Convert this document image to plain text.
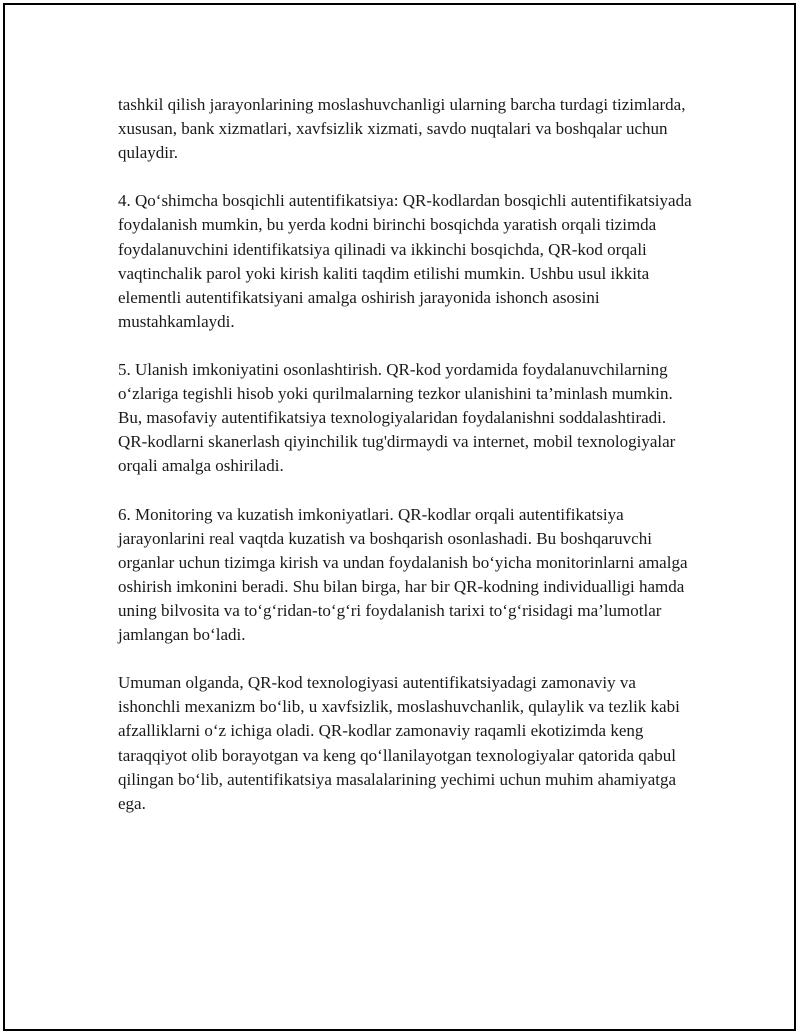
tashkil qilish jarayonlarining moslashuvchanligi ularning barcha turdagi tizimlarda, xususan, bank xizmatlari, xavfsizlik xizmati, savdo nuqtalari va boshqalar uchun qulaydir.

4. Qo‘shimcha bosqichli autentifikatsiya: QR-kodlardan bosqichli autentifikatsiyada foydalanish mumkin, bu yerda kodni birinchi bosqichda yaratish orqali tizimda foydalanuvchini identifikatsiya qilinadi va ikkinchi bosqichda, QR-kod orqali vaqtinchalik parol yoki kirish kaliti taqdim etilishi mumkin. Ushbu usul ikkita elementli autentifikatsiyani amalga oshirish jarayonida ishonch asosini mustahkamlaydi.

5. Ulanish imkoniyatini osonlashtirish. QR-kod yordamida foydalanuvchilarning o‘zlariga tegishli hisob yoki qurilmalarning tezkor ulanishini ta’minlash mumkin. Bu, masofaviy autentifikatsiya texnologiyalaridan foydalanishni soddalashtiradi. QR-kodlarni skanerlash qiyinchilik tug'dirmaydi va internet, mobil texnologiyalar orqali amalga oshiriladi.

6. Monitoring va kuzatish imkoniyatlari. QR-kodlar orqali autentifikatsiya jarayonlarini real vaqtda kuzatish va boshqarish osonlashadi. Bu boshqaruvchi organlar uchun tizimga kirish va undan foydalanish bo‘yicha monitorinlarni amalga oshirish imkonini beradi. Shu bilan birga, har bir QR-kodning individualligi hamda uning bilvosita va to‘g‘ridan-to‘g‘ri foydalanish tarixi to‘g‘risidagi ma’lumotlar jamlangan bo‘ladi.

Umuman olganda, QR-kod texnologiyasi autentifikatsiyadagi zamonaviy va ishonchli mexanizm bo‘lib, u xavfsizlik, moslashuvchanlik, qulaylik va tezlik kabi afzalliklarni o‘z ichiga oladi. QR-kodlar zamonaviy raqamli ekotizimda keng taraqqiyot olib borayotgan va keng qo‘llanilayotgan texnologiyalar qatorida qabul qilingan bo‘lib, autentifikatsiya masalalarining yechimi uchun muhim ahamiyatga ega.
